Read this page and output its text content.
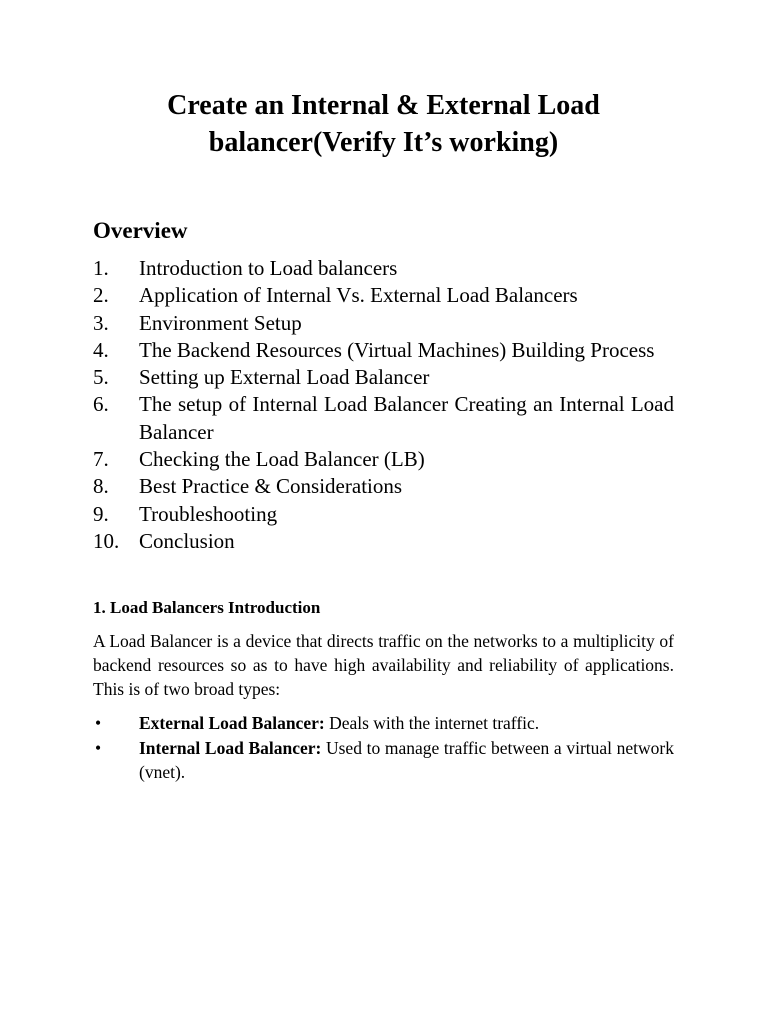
Create an Internal & External Load balancer(Verify It’s working)
Overview
1.	Introduction to Load balancers
2.	Application of Internal Vs. External Load Balancers
3.	Environment Setup
4.	The Backend Resources (Virtual Machines) Building Process
5.	Setting up External Load Balancer
6.	The setup of Internal Load Balancer Creating an Internal Load Balancer
7.	Checking the Load Balancer (LB)
8.	Best Practice & Considerations
9.	Troubleshooting
10. Conclusion
1. Load Balancers Introduction

A Load Balancer is a device that directs traffic on the networks to a multiplicity of backend resources so as to have high availability and reliability of applications. This is of two broad types:

•	External Load Balancer: Deals with the internet traffic.
•	Internal Load Balancer: Used to manage traffic between a virtual network (vnet).
